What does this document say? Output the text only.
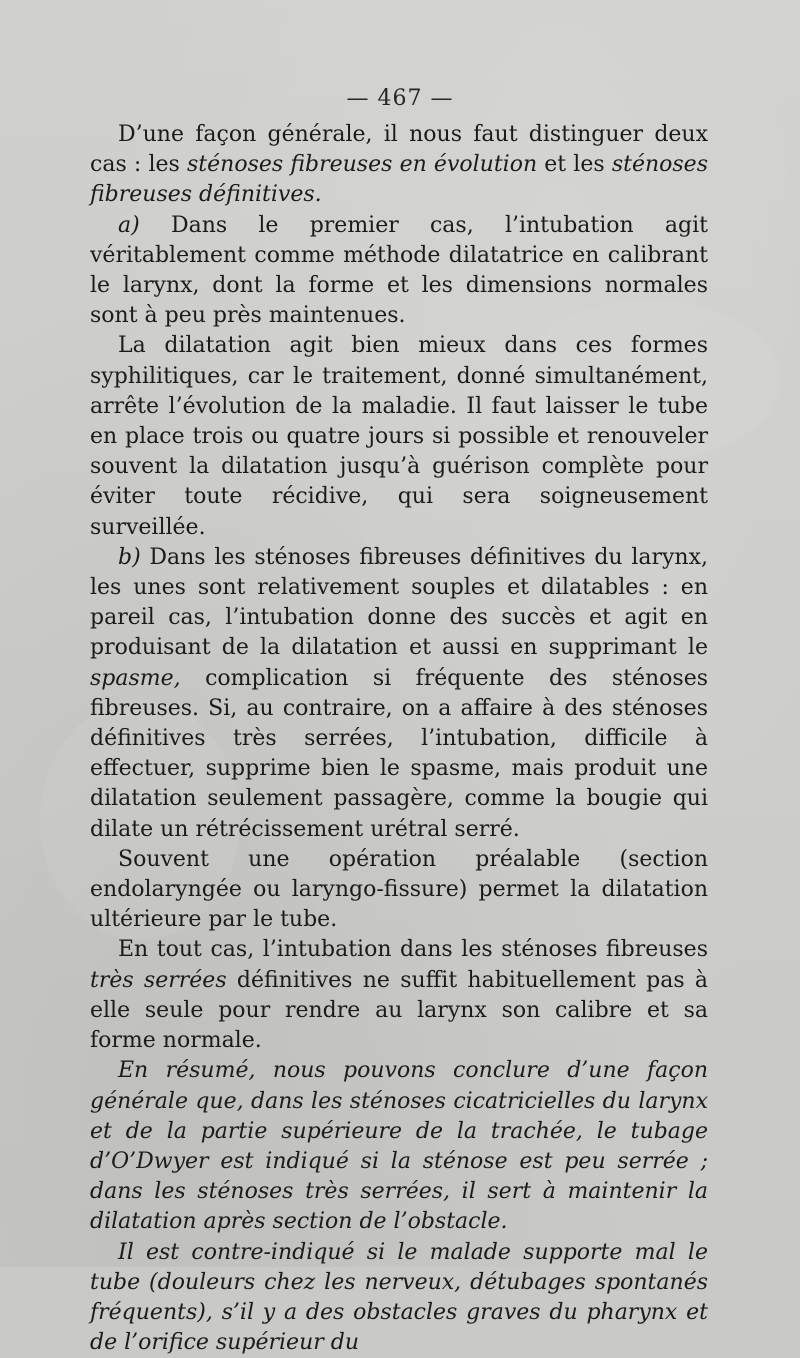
— 467 —

D’une façon générale, il nous faut distinguer deux cas : les sténoses fibreuses en évolution et les sténoses fibreuses définitives.

a) Dans le premier cas, l’intubation agit véritablement comme méthode dilatatrice en calibrant le larynx, dont la forme et les dimensions normales sont à peu près maintenues.

La dilatation agit bien mieux dans ces formes syphilitiques, car le traitement, donné simultanément, arrête l’évolution de la maladie. Il faut laisser le tube en place trois ou quatre jours si possible et renouveler souvent la dilatation jusqu’à guérison complète pour éviter toute récidive, qui sera soigneusement surveillée.

b) Dans les sténoses fibreuses définitives du larynx, les unes sont relativement souples et dilatables : en pareil cas, l’intubation donne des succès et agit en produisant de la dilatation et aussi en supprimant le spasme, complication si fréquente des sténoses fibreuses. Si, au contraire, on a affaire à des sténoses définitives très serrées, l’intubation, difficile à effectuer, supprime bien le spasme, mais produit une dilatation seulement passagère, comme la bougie qui dilate un rétrécissement urétral serré.

Souvent une opération préalable (section endolaryngée ou laryngo-fissure) permet la dilatation ultérieure par le tube.

En tout cas, l’intubation dans les sténoses fibreuses très serrées définitives ne suffit habituellement pas à elle seule pour rendre au larynx son calibre et sa forme normale.

En résumé, nous pouvons conclure d’une façon générale que, dans les sténoses cicatricielles du larynx et de la partie supérieure de la trachée, le tubage d’O’Dwyer est indiqué si la sténose est peu serrée ; dans les sténoses très serrées, il sert à maintenir la dilatation après section de l’obstacle.

Il est contre-indiqué si le malade supporte mal le tube (douleurs chez les nerveux, détubages spontanés fréquents), s’il y a des obstacles graves du pharynx et de l’orifice supérieur du
